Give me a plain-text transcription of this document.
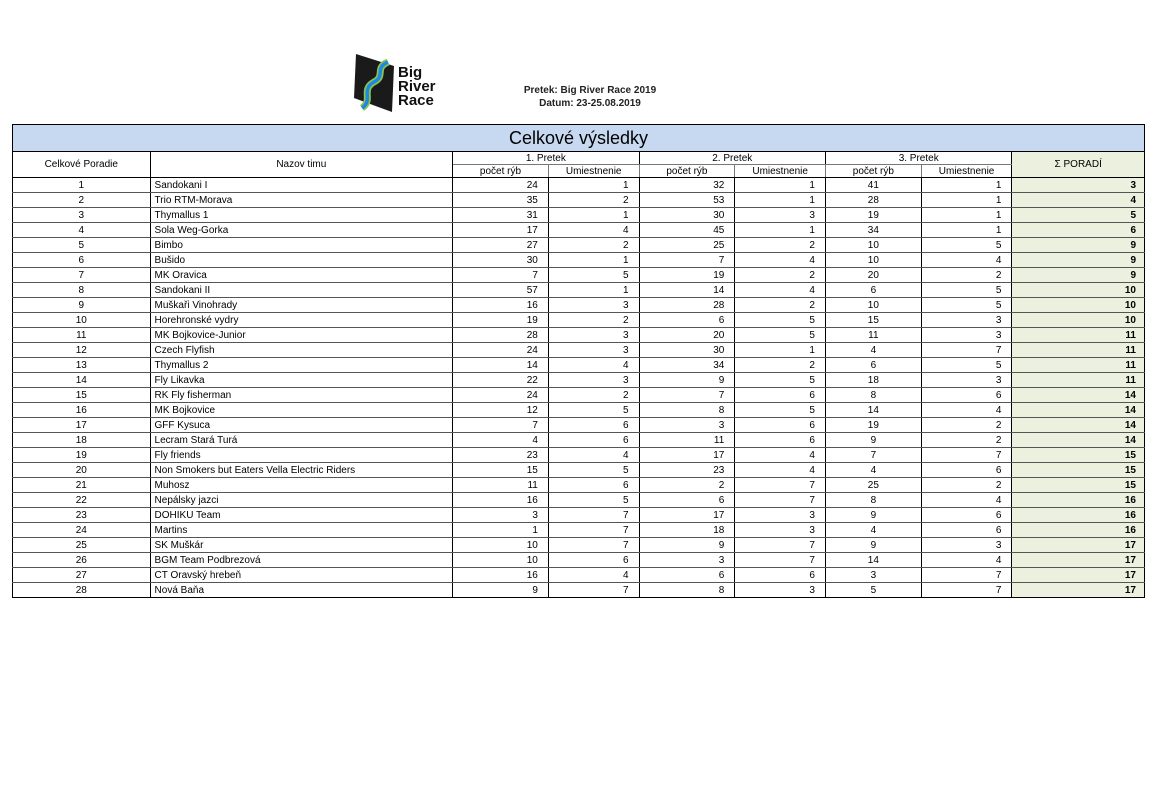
Big
River
Race
Pretek: Big River Race 2019
Datum: 23-25.08.2019
Celkové výsledky								
Celkové Poradie	Nazov timu	1. Pretek		2. Pretek		3. Pretek		Σ PORADÍ
		počet rýb	Umiestnenie	počet rýb	Umiestnenie	počet rýb	Umiestnenie	
1	Sandokani I	24	1	32	1	41	1	3
2	Trio RTM-Morava	35	2	53	1	28	1	4
3	Thymallus 1	31	1	30	3	19	1	5
4	Sola Weg-Gorka	17	4	45	1	34	1	6
5	Bimbo	27	2	25	2	10	5	9
6	Bušido	30	1	7	4	10	4	9
7	MK Oravica	7	5	19	2	20	2	9
8	Sandokani II	57	1	14	4	6	5	10
9	Muškaři Vinohrady	16	3	28	2	10	5	10
10	Horehronské vydry	19	2	6	5	15	3	10
11	MK Bojkovice-Junior	28	3	20	5	11	3	11
12	Czech Flyfish	24	3	30	1	4	7	11
13	Thymallus 2	14	4	34	2	6	5	11
14	Fly Likavka	22	3	9	5	18	3	11
15	RK Fly fisherman	24	2	7	6	8	6	14
16	MK Bojkovice	12	5	8	5	14	4	14
17	GFF Kysuca	7	6	3	6	19	2	14
18	Lecram Stará Turá	4	6	11	6	9	2	14
19	Fly friends	23	4	17	4	7	7	15
20	Non Smokers but Eaters Vella Electric Riders	15	5	23	4	4	6	15
21	Muhosz	11	6	2	7	25	2	15
22	Nepálsky jazci	16	5	6	7	8	4	16
23	DOHIKU Team	3	7	17	3	9	6	16
24	Martins	1	7	18	3	4	6	16
25	SK Muškár	10	7	9	7	9	3	17
26	BGM Team Podbrezová	10	6	3	7	14	4	17
27	CT Oravský hrebeň	16	4	6	6	3	7	17
28	Nová Baňa	9	7	8	3	5	7	17
